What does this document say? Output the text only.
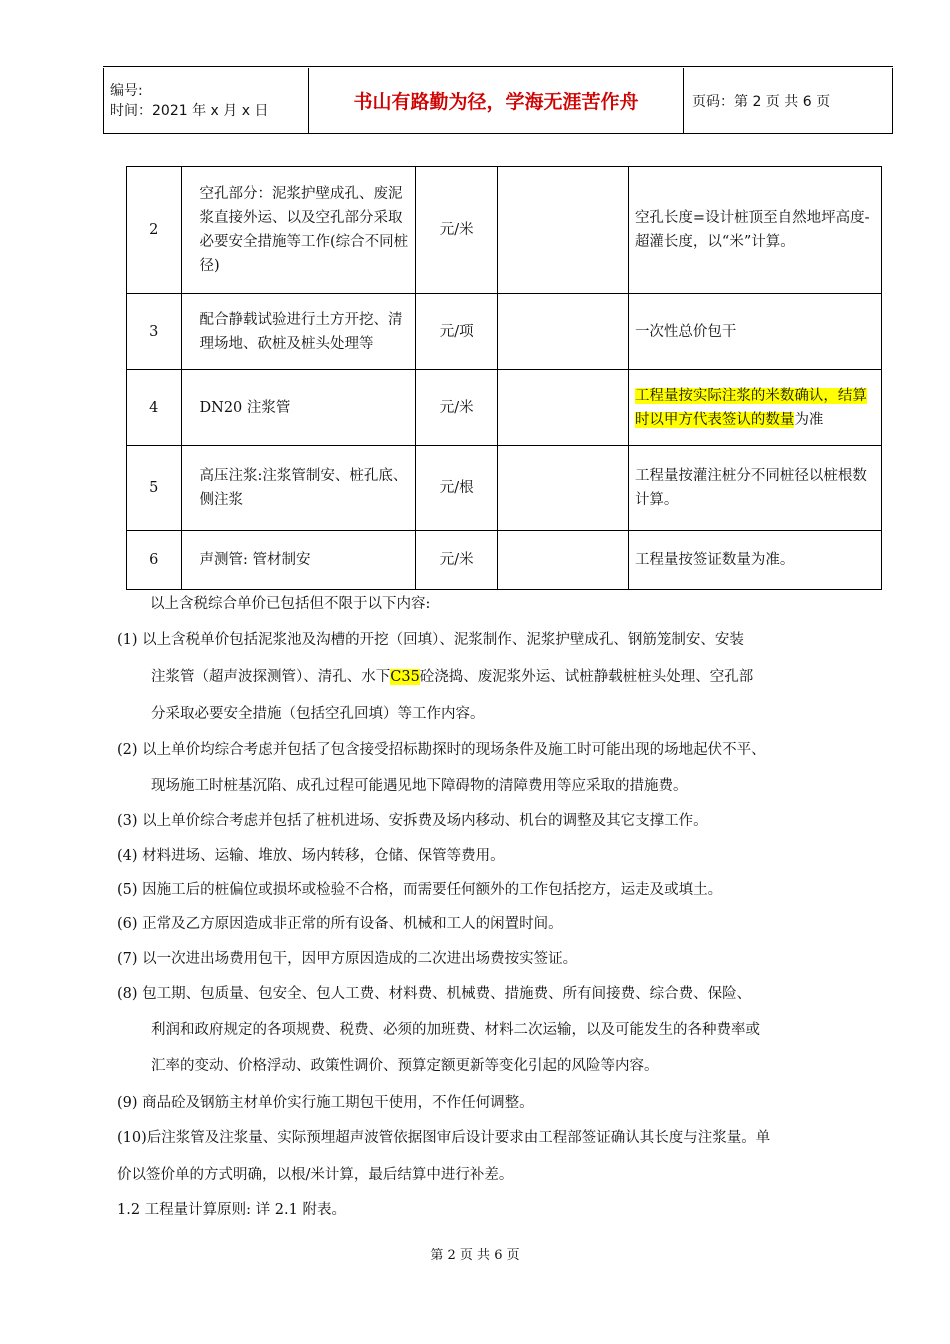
编号:
时间：2021 年 x 月 x 日	书山有路勤为径，学海无涯苦作舟	页码：第 2 页 共 6 页
2	空孔部分：泥浆护壁成孔、废泥浆直接外运、以及空孔部分采取必要安全措施等工作(综合不同桩径)	元/米		空孔长度=设计桩顶至自然地坪高度-超灌长度，以“米”计算。
3	配合静载试验进行土方开挖、清理场地、砍桩及桩头处理等	元/项		一次性总价包干
4	DN20 注浆管	元/米		工程量按实际注浆的米数确认，结算时以甲方代表签认的数量为准
5	高压注浆:注浆管制安、桩孔底、侧注浆	元/根		工程量按灌注桩分不同桩径以桩根数计算。
6	声测管: 管材制安	元/米		工程量按签证数量为准。
以上含税综合单价已包括但不限于以下内容:
(1) 以上含税单价包括泥浆池及沟槽的开挖（回填）、泥浆制作、泥浆护壁成孔、钢筋笼制安、安装
注浆管（超声波探测管）、清孔、水下C35砼浇捣、废泥浆外运、试桩静载桩桩头处理、空孔部
分采取必要安全措施（包括空孔回填）等工作内容。
(2) 以上单价均综合考虑并包括了包含接受招标勘探时的现场条件及施工时可能出现的场地起伏不平、
现场施工时桩基沉陷、成孔过程可能遇见地下障碍物的清障费用等应采取的措施费。
(3) 以上单价综合考虑并包括了桩机进场、安拆费及场内移动、机台的调整及其它支撑工作。
(4) 材料进场、运输、堆放、场内转移，仓储、保管等费用。
(5) 因施工后的桩偏位或损坏或检验不合格，而需要任何额外的工作包括挖方，运走及或填土。
(6) 正常及乙方原因造成非正常的所有设备、机械和工人的闲置时间。
(7) 以一次进出场费用包干，因甲方原因造成的二次进出场费按实签证。
(8) 包工期、包质量、包安全、包人工费、材料费、机械费、措施费、所有间接费、综合费、保险、
利润和政府规定的各项规费、税费、必须的加班费、材料二次运输，以及可能发生的各种费率或
汇率的变动、价格浮动、政策性调价、预算定额更新等变化引起的风险等内容。
(9) 商品砼及钢筋主材单价实行施工期包干使用，不作任何调整。
(10)后注浆管及注浆量、实际预埋超声波管依据图审后设计要求由工程部签证确认其长度与注浆量。单
价以签价单的方式明确，以根/米计算，最后结算中进行补差。
1.2 工程量计算原则: 详 2.1 附表。
第 2 页 共 6 页
